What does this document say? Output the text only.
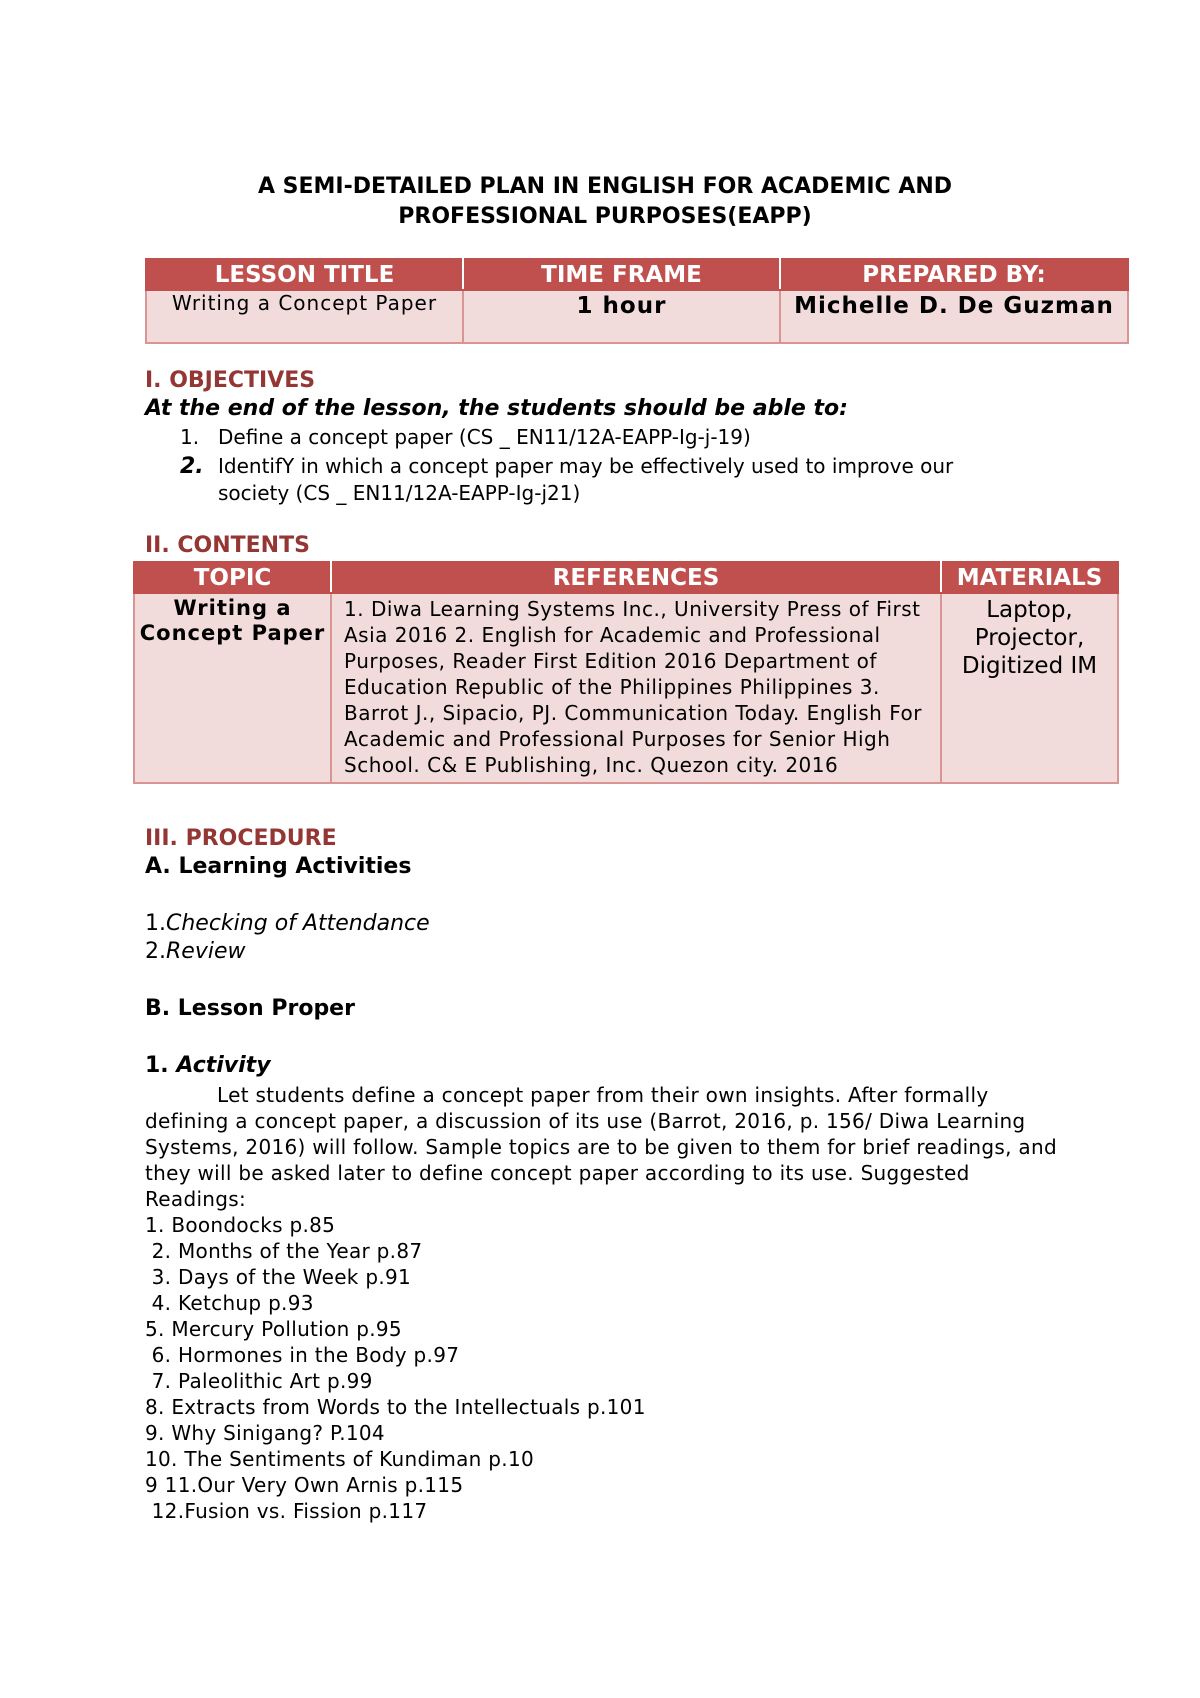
A SEMI-DETAILED PLAN IN ENGLISH FOR ACADEMIC AND
PROFESSIONAL PURPOSES(EAPP)
LESSON TITLE	TIME FRAME	PREPARED BY:
Writing a Concept Paper	1 hour	Michelle D. De Guzman
I. OBJECTIVES
At the end of the lesson, the students should be able to:
1. Define a concept paper (CS _ EN11/12A-EAPP-Ig-j-19)
2. IdentifY in which a concept paper may be effectively used to improve our
society (CS _ EN11/12A-EAPP-Ig-j21)
II. CONTENTS
TOPIC	REFERENCES	MATERIALS
Writing a Concept Paper	1. Diwa Learning Systems Inc., University Press of First Asia 2016 2. English for Academic and Professional Purposes, Reader First Edition 2016 Department of Education Republic of the Philippines Philippines 3. Barrot J., Sipacio, PJ. Communication Today. English For Academic and Professional Purposes for Senior High School. C& E Publishing, Inc. Quezon city. 2016	Laptop, Projector, Digitized IM
III. PROCEDURE
A. Learning Activities
1.Checking of Attendance
2.Review
B. Lesson Proper
1. Activity
Let students define a concept paper from their own insights. After formally defining a concept paper, a discussion of its use (Barrot, 2016, p. 156/ Diwa Learning Systems, 2016) will follow. Sample topics are to be given to them for brief readings, and they will be asked later to define concept paper according to its use. Suggested Readings:
1. Boondocks p.85
2. Months of the Year p.87
3. Days of the Week p.91
4. Ketchup p.93
5. Mercury Pollution p.95
6. Hormones in the Body p.97
7. Paleolithic Art p.99
8. Extracts from Words to the Intellectuals p.101
9. Why Sinigang? P.104
10. The Sentiments of Kundiman p.10
9 11.Our Very Own Arnis p.115
12.Fusion vs. Fission p.117
